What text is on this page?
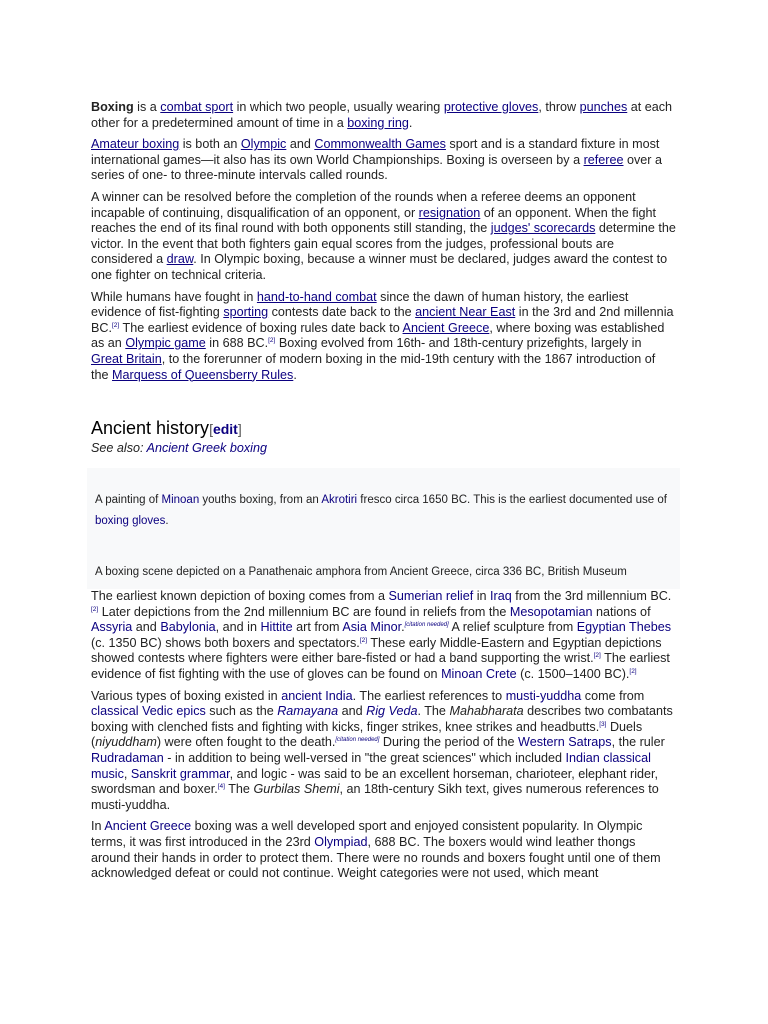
Boxing is a combat sport in which two people, usually wearing protective gloves, throw punches at each other for a predetermined amount of time in a boxing ring.

Amateur boxing is both an Olympic and Commonwealth Games sport and is a standard fixture in most international games—it also has its own World Championships. Boxing is overseen by a referee over a series of one- to three-minute intervals called rounds.

A winner can be resolved before the completion of the rounds when a referee deems an opponent incapable of continuing, disqualification of an opponent, or resignation of an opponent. When the fight reaches the end of its final round with both opponents still standing, the judges' scorecards determine the victor. In the event that both fighters gain equal scores from the judges, professional bouts are considered a draw. In Olympic boxing, because a winner must be declared, judges award the contest to one fighter on technical criteria.

While humans have fought in hand-to-hand combat since the dawn of human history, the earliest evidence of fist-fighting sporting contests date back to the ancient Near East in the 3rd and 2nd millennia BC.[2] The earliest evidence of boxing rules date back to Ancient Greece, where boxing was established as an Olympic game in 688 BC.[2] Boxing evolved from 16th- and 18th-century prizefights, largely in Great Britain, to the forerunner of modern boxing in the mid-19th century with the 1867 introduction of the Marquess of Queensberry Rules.

Ancient history[edit]
See also: Ancient Greek boxing
A painting of Minoan youths boxing, from an Akrotiri fresco circa 1650 BC. This is the earliest documented use of boxing gloves.
A boxing scene depicted on a Panathenaic amphora from Ancient Greece, circa 336 BC, British Museum

The earliest known depiction of boxing comes from a Sumerian relief in Iraq from the 3rd millennium BC.[2] Later depictions from the 2nd millennium BC are found in reliefs from the Mesopotamian nations of Assyria and Babylonia, and in Hittite art from Asia Minor.[citation needed] A relief sculpture from Egyptian Thebes (c. 1350 BC) shows both boxers and spectators.[2] These early Middle-Eastern and Egyptian depictions showed contests where fighters were either bare-fisted or had a band supporting the wrist.[2] The earliest evidence of fist fighting with the use of gloves can be found on Minoan Crete (c. 1500–1400 BC).[2]

Various types of boxing existed in ancient India. The earliest references to musti-yuddha come from classical Vedic epics such as the Ramayana and Rig Veda. The Mahabharata describes two combatants boxing with clenched fists and fighting with kicks, finger strikes, knee strikes and headbutts.[3] Duels (niyuddham) were often fought to the death.[citation needed] During the period of the Western Satraps, the ruler Rudradaman - in addition to being well-versed in "the great sciences" which included Indian classical music, Sanskrit grammar, and logic - was said to be an excellent horseman, charioteer, elephant rider, swordsman and boxer.[4] The Gurbilas Shemi, an 18th-century Sikh text, gives numerous references to musti-yuddha.

In Ancient Greece boxing was a well developed sport and enjoyed consistent popularity. In Olympic terms, it was first introduced in the 23rd Olympiad, 688 BC. The boxers would wind leather thongs around their hands in order to protect them. There were no rounds and boxers fought until one of them acknowledged defeat or could not continue. Weight categories were not used, which meant
